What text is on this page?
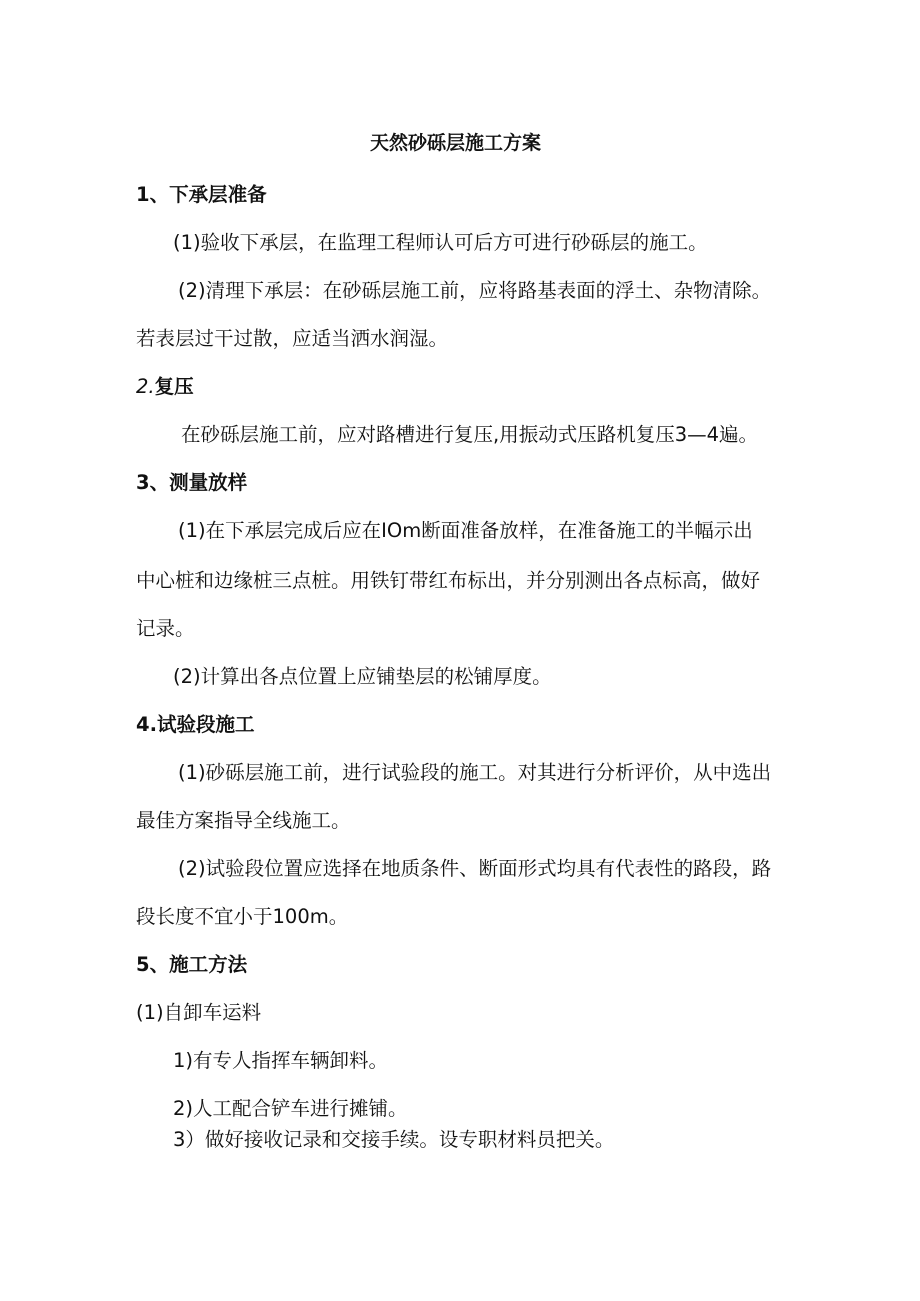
天然砂砾层施工方案
1、下承层准备
(1)验收下承层，在监理工程师认可后方可进行砂砾层的施工。
(2)清理下承层：在砂砾层施工前，应将路基表面的浮土、杂物清除。
若表层过干过散，应适当洒水润湿。
2.复压
在砂砾层施工前，应对路槽进行复压,用振动式压路机复压3—4遍。
3、测量放样
(1)在下承层完成后应在IOm断面准备放样，在准备施工的半幅示出
中心桩和边缘桩三点桩。用铁钉带红布标出，并分别测出各点标高，做好
记录。
(2)计算出各点位置上应铺垫层的松铺厚度。
4.试验段施工
(1)砂砾层施工前，进行试验段的施工。对其进行分析评价，从中选出
最佳方案指导全线施工。
(2)试验段位置应选择在地质条件、断面形式均具有代表性的路段，路
段长度不宜小于100m。
5、施工方法
(1)自卸车运料
1)有专人指挥车辆卸料。
2)人工配合铲车进行摊铺。
3）做好接收记录和交接手续。设专职材料员把关。
